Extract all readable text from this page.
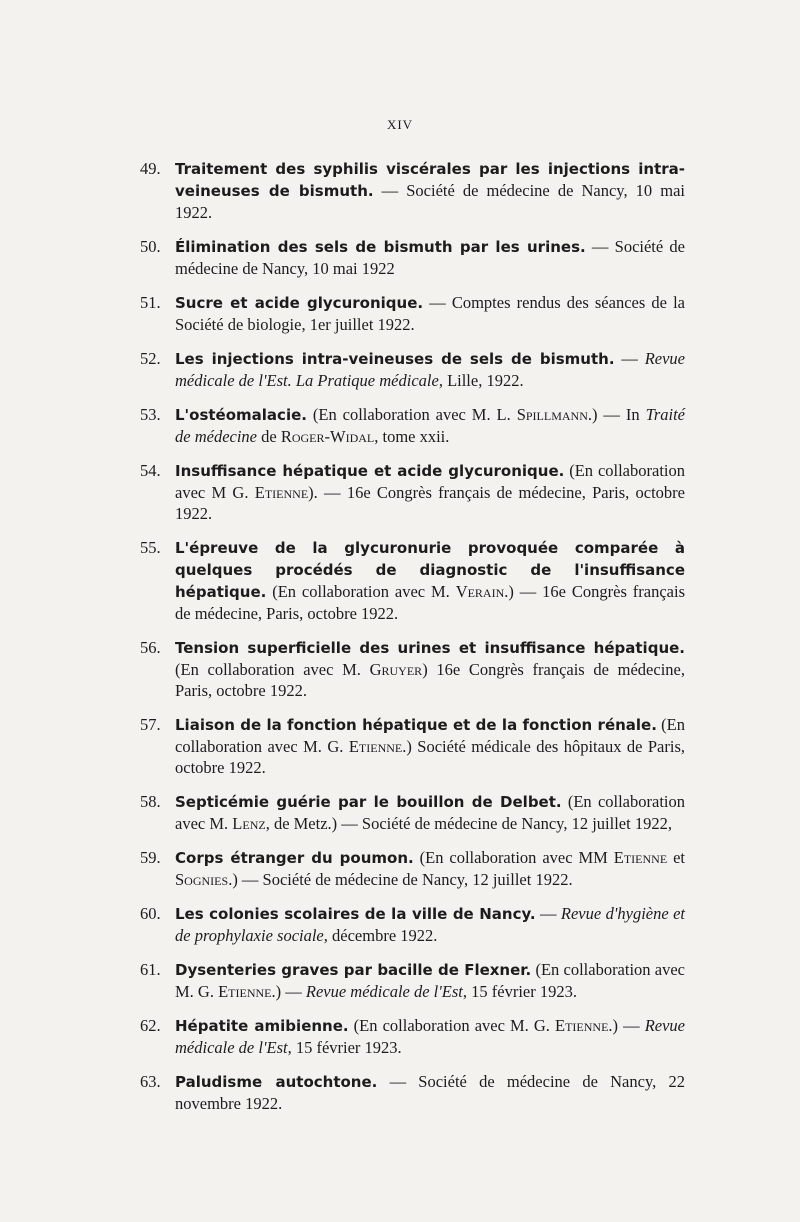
XIV
49. Traitement des syphilis viscérales par les injections intra-veineuses de bismuth. — Société de médecine de Nancy, 10 mai 1922.
50. Élimination des sels de bismuth par les urines. — Société de médecine de Nancy, 10 mai 1922
51. Sucre et acide glycuronique. — Comptes rendus des séances de la Société de biologie, 1er juillet 1922.
52. Les injections intra-veineuses de sels de bismuth. — Revue médicale de l'Est. La Pratique médicale, Lille, 1922.
53. L'ostéomalacie. (En collaboration avec M. L. Spillmann.) — In Traité de médecine de Roger-Widal, tome xxii.
54. Insuffisance hépatique et acide glycuronique. (En collaboration avec M G. Etienne). — 16e Congrès français de médecine, Paris, octobre 1922.
55. L'épreuve de la glycuronurie provoquée comparée à quelques procédés de diagnostic de l'insuffisance hépatique. (En collaboration avec M. Verain.) — 16e Congrès français de médecine, Paris, octobre 1922.
56. Tension superficielle des urines et insuffisance hépatique. (En collaboration avec M. Gruyer) 16e Congrès français de médecine, Paris, octobre 1922.
57. Liaison de la fonction hépatique et de la fonction rénale. (En collaboration avec M. G. Etienne.) Société médicale des hôpitaux de Paris, octobre 1922.
58. Septicémie guérie par le bouillon de Delbet. (En collaboration avec M. Lenz, de Metz.) — Société de médecine de Nancy, 12 juillet 1922,
59. Corps étranger du poumon. (En collaboration avec MM Etienne et Sognies.) — Société de médecine de Nancy, 12 juillet 1922.
60. Les colonies scolaires de la ville de Nancy. — Revue d'hygiène et de prophylaxie sociale, décembre 1922.
61. Dysenteries graves par bacille de Flexner. (En collaboration avec M. G. Etienne.) — Revue médicale de l'Est, 15 février 1923.
62. Hépatite amibienne. (En collaboration avec M. G. Etienne.) — Revue médicale de l'Est, 15 février 1923.
63. Paludisme autochtone. — Société de médecine de Nancy, 22 novembre 1922.
